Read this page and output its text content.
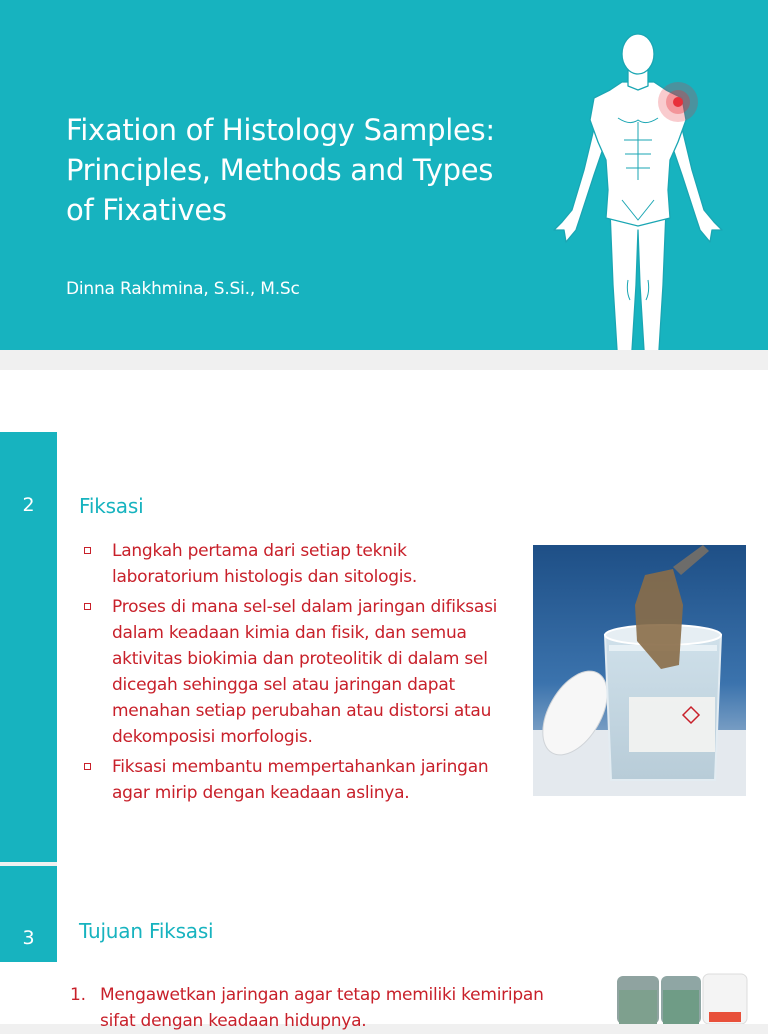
Fixation of Histology Samples:
Principles, Methods and Types
of Fixatives
Dinna Rakhmina, S.Si., M.Sc
2	Fiksasi
Langkah pertama dari setiap teknik laboratorium histologis dan sitologis.
Proses di mana sel-sel dalam jaringan difiksasi dalam keadaan kimia dan fisik, dan semua aktivitas biokimia dan proteolitik di dalam sel dicegah sehingga sel atau jaringan dapat menahan setiap perubahan atau distorsi atau dekomposisi morfologis.
Fiksasi membantu mempertahankan jaringan agar mirip dengan keadaan aslinya.
3	Tujuan Fiksasi
1. Mengawetkan jaringan agar tetap memiliki kemiripan sifat dengan keadaan hidupnya.
